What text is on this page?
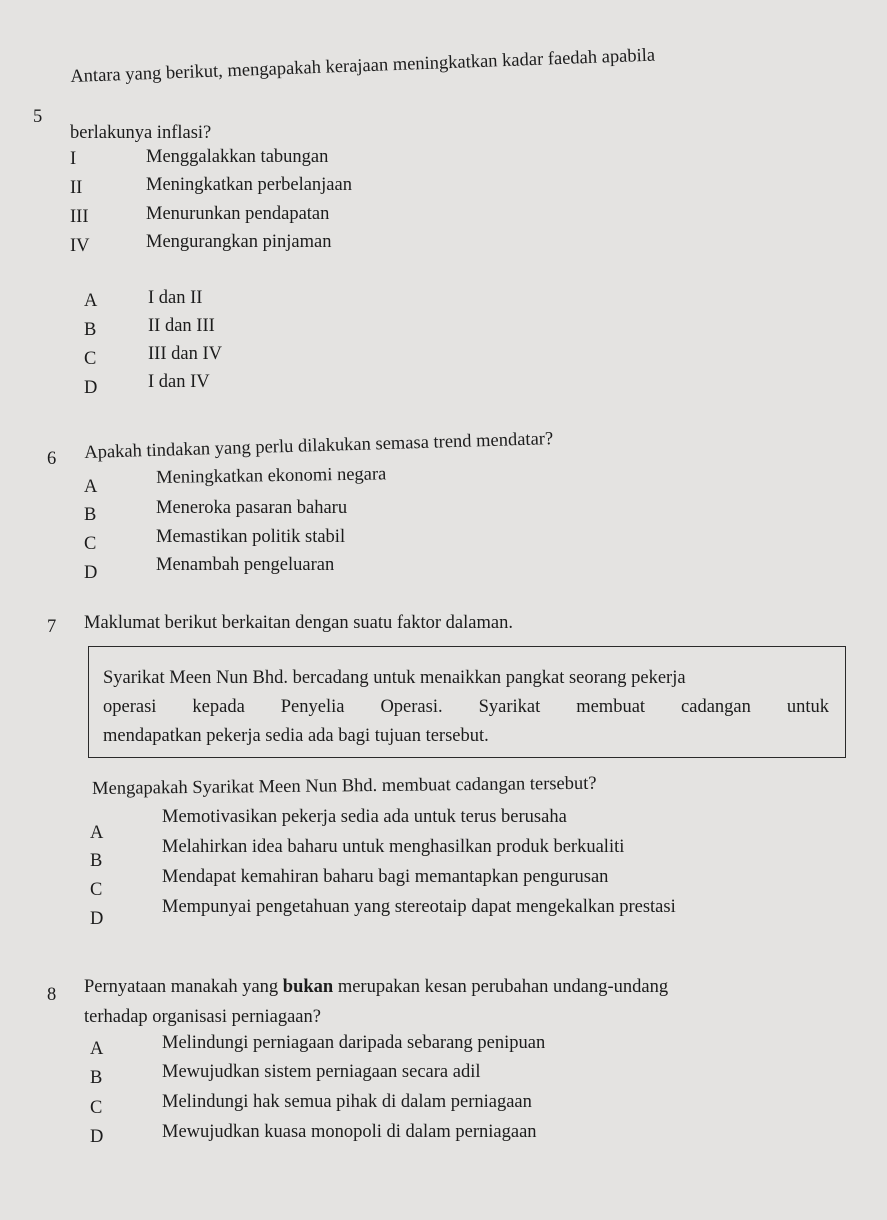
5
Antara yang berikut, mengapakah kerajaan meningkatkan kadar faedah apabila
berlakunya inflasi?
I	Menggalakkan tabungan
II	Meningkatkan perbelanjaan
III	Menurunkan pendapatan
IV	Mengurangkan pinjaman
A	I dan II
B	II dan III
C	III dan IV
D	I dan IV
6 Apakah tindakan yang perlu dilakukan semasa trend mendatar?
A	Meningkatkan ekonomi negara
B	Meneroka pasaran baharu
C	Memastikan politik stabil
D	Menambah pengeluaran
7 Maklumat berikut berkaitan dengan suatu faktor dalaman.
Syarikat Meen Nun Bhd. bercadang untuk menaikkan pangkat seorang pekerja
operasi kepada Penyelia Operasi. Syarikat membuat cadangan untuk
mendapatkan pekerja sedia ada bagi tujuan tersebut.
Mengapakah Syarikat Meen Nun Bhd. membuat cadangan tersebut?
A
Memotivasikan pekerja sedia ada untuk terus berusaha
B
Melahirkan idea baharu untuk menghasilkan produk berkualiti
C
Mendapat kemahiran baharu bagi memantapkan pengurusan
D
Mempunyai pengetahuan yang stereotaip dapat mengekalkan prestasi
8 Pernyataan manakah yang bukan merupakan kesan perubahan undang-undang
terhadap organisasi perniagaan?
A	Melindungi perniagaan daripada sebarang penipuan
B	Mewujudkan sistem perniagaan secara adil
C	Melindungi hak semua pihak di dalam perniagaan
D	Mewujudkan kuasa monopoli di dalam perniagaan
